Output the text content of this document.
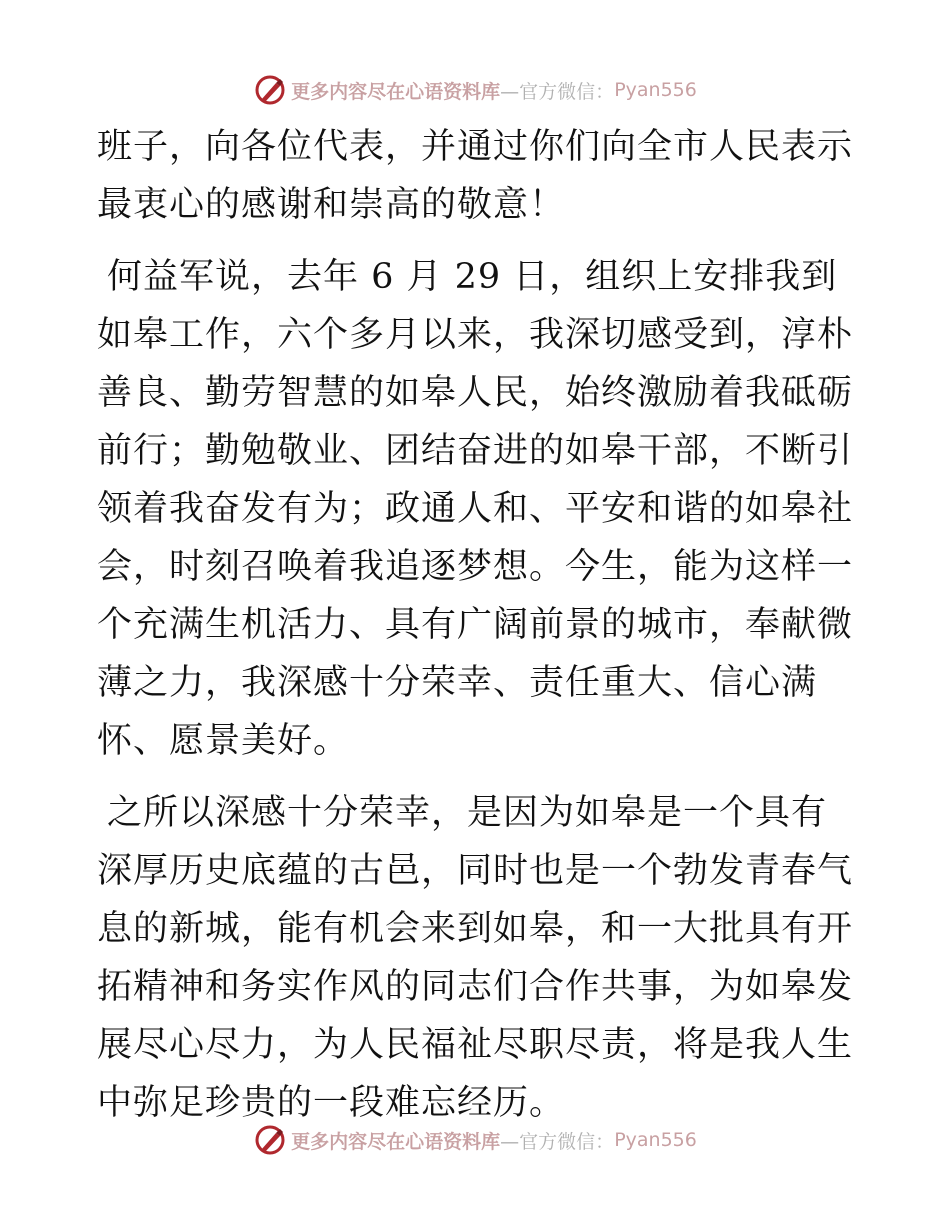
更多内容尽在心语资料库 —官方微信： Pyan556

班子，向各位代表，并通过你们向全市人民表示最衷心的感谢和崇高的敬意！

何益军说，去年 6 月 29 日，组织上安排我到如皋工作，六个多月以来，我深切感受到，淳朴善良、勤劳智慧的如皋人民，始终激励着我砥砺前行；勤勉敬业、团结奋进的如皋干部，不断引领着我奋发有为；政通人和、平安和谐的如皋社会，时刻召唤着我追逐梦想。今生，能为这样一个充满生机活力、具有广阔前景的城市，奉献微薄之力，我深感十分荣幸、责任重大、信心满怀、愿景美好。

之所以深感十分荣幸，是因为如皋是一个具有深厚历史底蕴的古邑，同时也是一个勃发青春气息的新城，能有机会来到如皋，和一大批具有开拓精神和务实作风的同志们合作共事，为如皋发展尽心尽力，为人民福祉尽职尽责，将是我人生中弥足珍贵的一段难忘经历。

更多内容尽在心语资料库 —官方微信： Pyan556
